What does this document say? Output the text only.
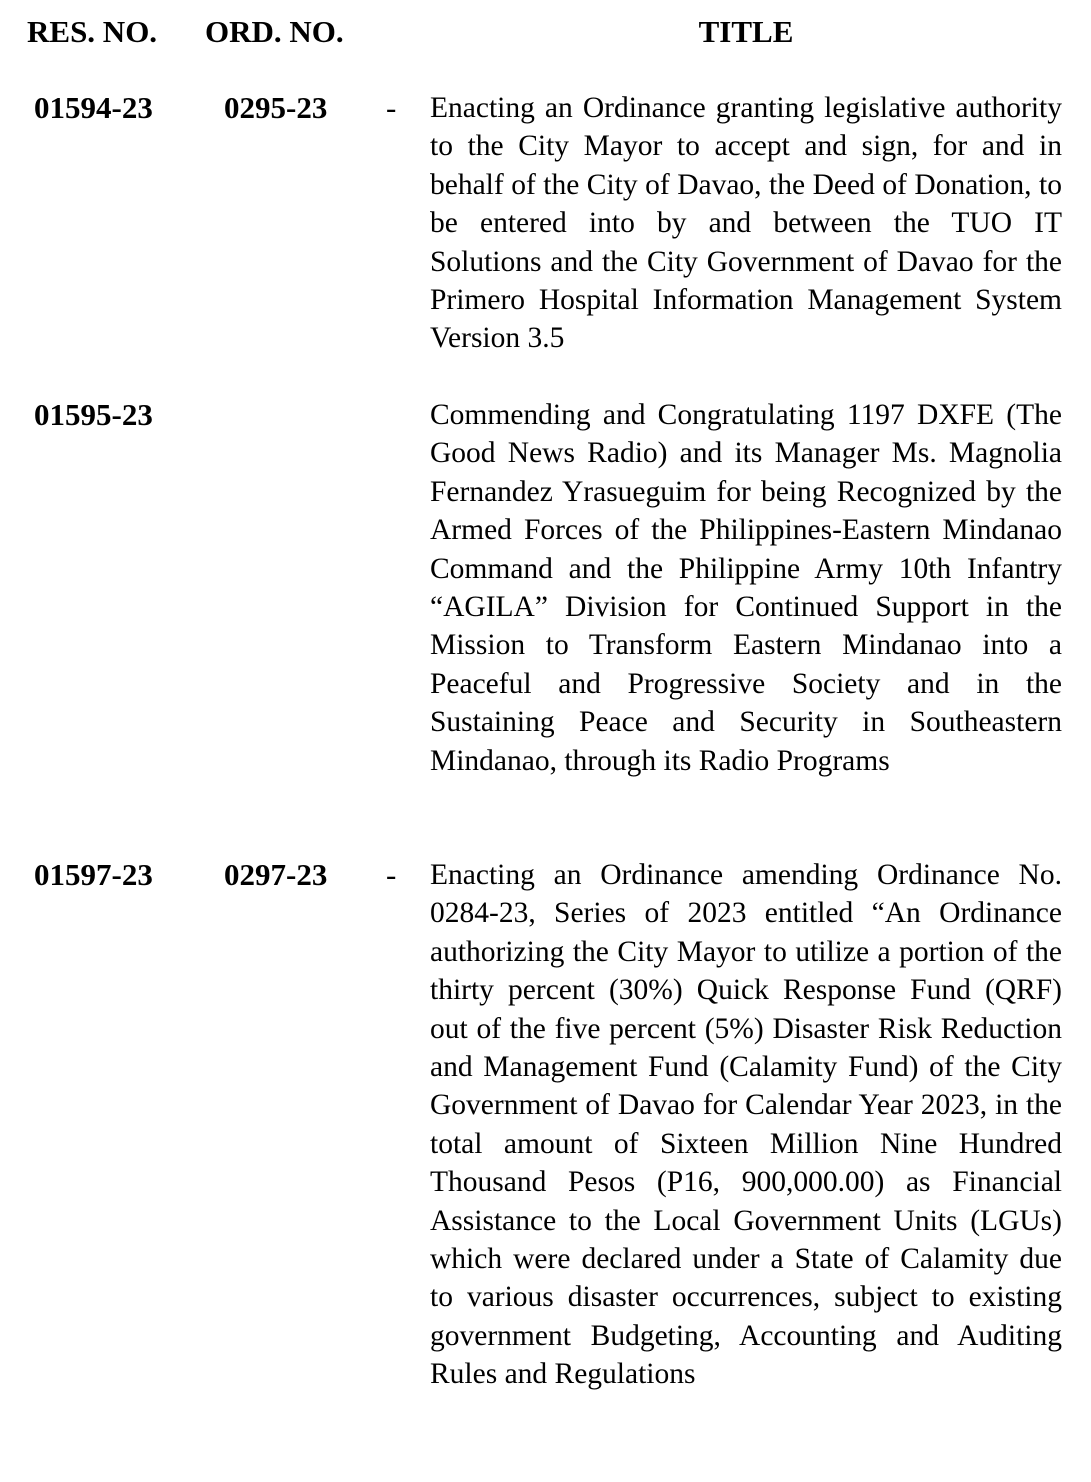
RES. NO. ORD. NO.	TITLE
01594-23 0295-23 - Enacting an Ordinance granting legislative authority to the City Mayor to accept and sign, for and in behalf of the City of Davao, the Deed of Donation, to be entered into by and between the TUO IT Solutions and the City Government of Davao for the Primero Hospital Information Management System Version 3.5

01595-23	Commending and Congratulating 1197 DXFE (The Good News Radio) and its Manager Ms. Magnolia Fernandez Yrasueguim for being Recognized by the Armed Forces of the Philippines-Eastern Mindanao Command and the Philippine Army 10th Infantry “AGILA” Division for Continued Support in the Mission to Transform Eastern Mindanao into a Peaceful and Progressive Society and in the Sustaining Peace and Security in Southeastern Mindanao, through its Radio Programs

01597-23 0297-23 - Enacting an Ordinance amending Ordinance No. 0284-23, Series of 2023 entitled “An Ordinance authorizing the City Mayor to utilize a portion of the thirty percent (30%) Quick Response Fund (QRF) out of the five percent (5%) Disaster Risk Reduction and Management Fund (Calamity Fund) of the City Government of Davao for Calendar Year 2023, in the total amount of Sixteen Million Nine Hundred Thousand Pesos (P16, 900,000.00) as Financial Assistance to the Local Government Units (LGUs) which were declared under a State of Calamity due to various disaster occurrences, subject to existing government Budgeting, Accounting and Auditing Rules and Regulations
